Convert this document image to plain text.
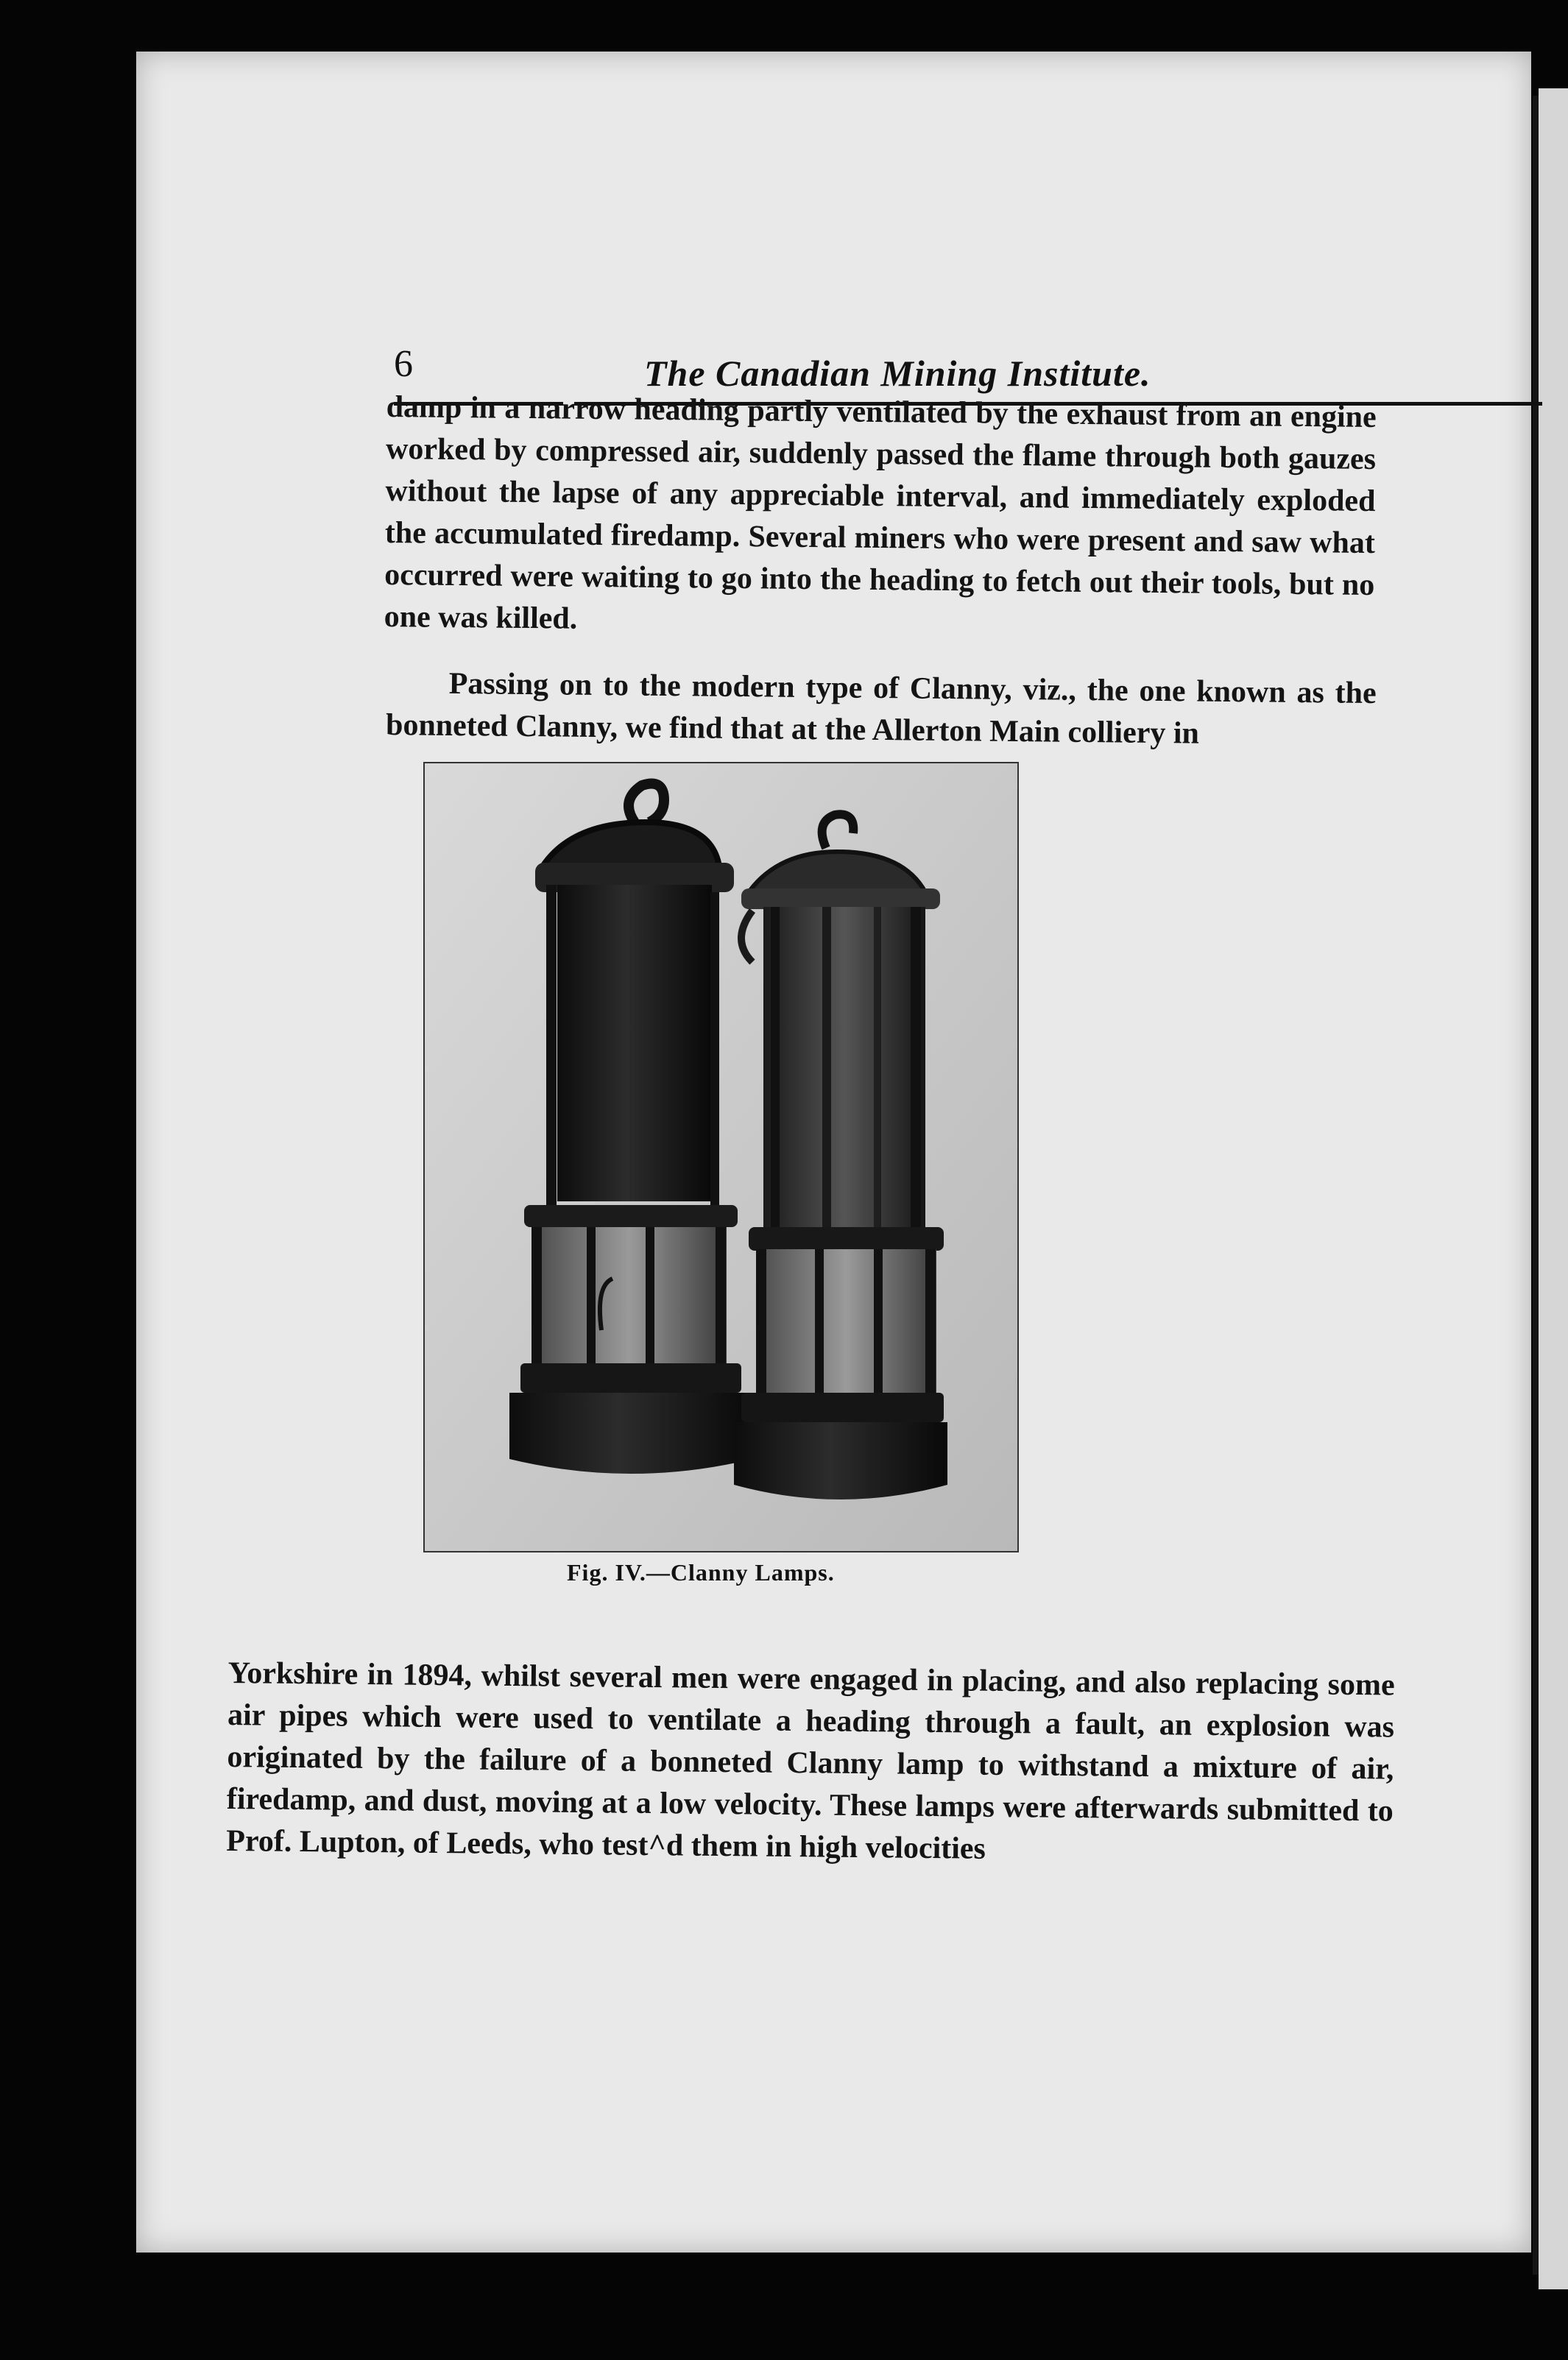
6	The Canadian Mining Institute.

damp in a narrow heading partly ventilated by the exhaust from an engine worked by compressed air, suddenly passed the flame through both gauzes without the lapse of any appreciable interval, and immediately exploded the accumulated firedamp. Several miners who were present and saw what occurred were waiting to go into the heading to fetch out their tools, but no one was killed.

Passing on to the modern type of Clanny, viz., the one known as the bonneted Clanny, we find that at the Allerton Main colliery in

Fig. IV.—Clanny Lamps.

Yorkshire in 1894, whilst several men were engaged in placing, and also replacing some air pipes which were used to ventilate a heading through a fault, an explosion was originated by the failure of a bonneted Clanny lamp to withstand a mixture of air, firedamp, and dust, moving at a low velocity. These lamps were afterwards submitted to Prof. Lupton, of Leeds, who test^d them in high velocities
